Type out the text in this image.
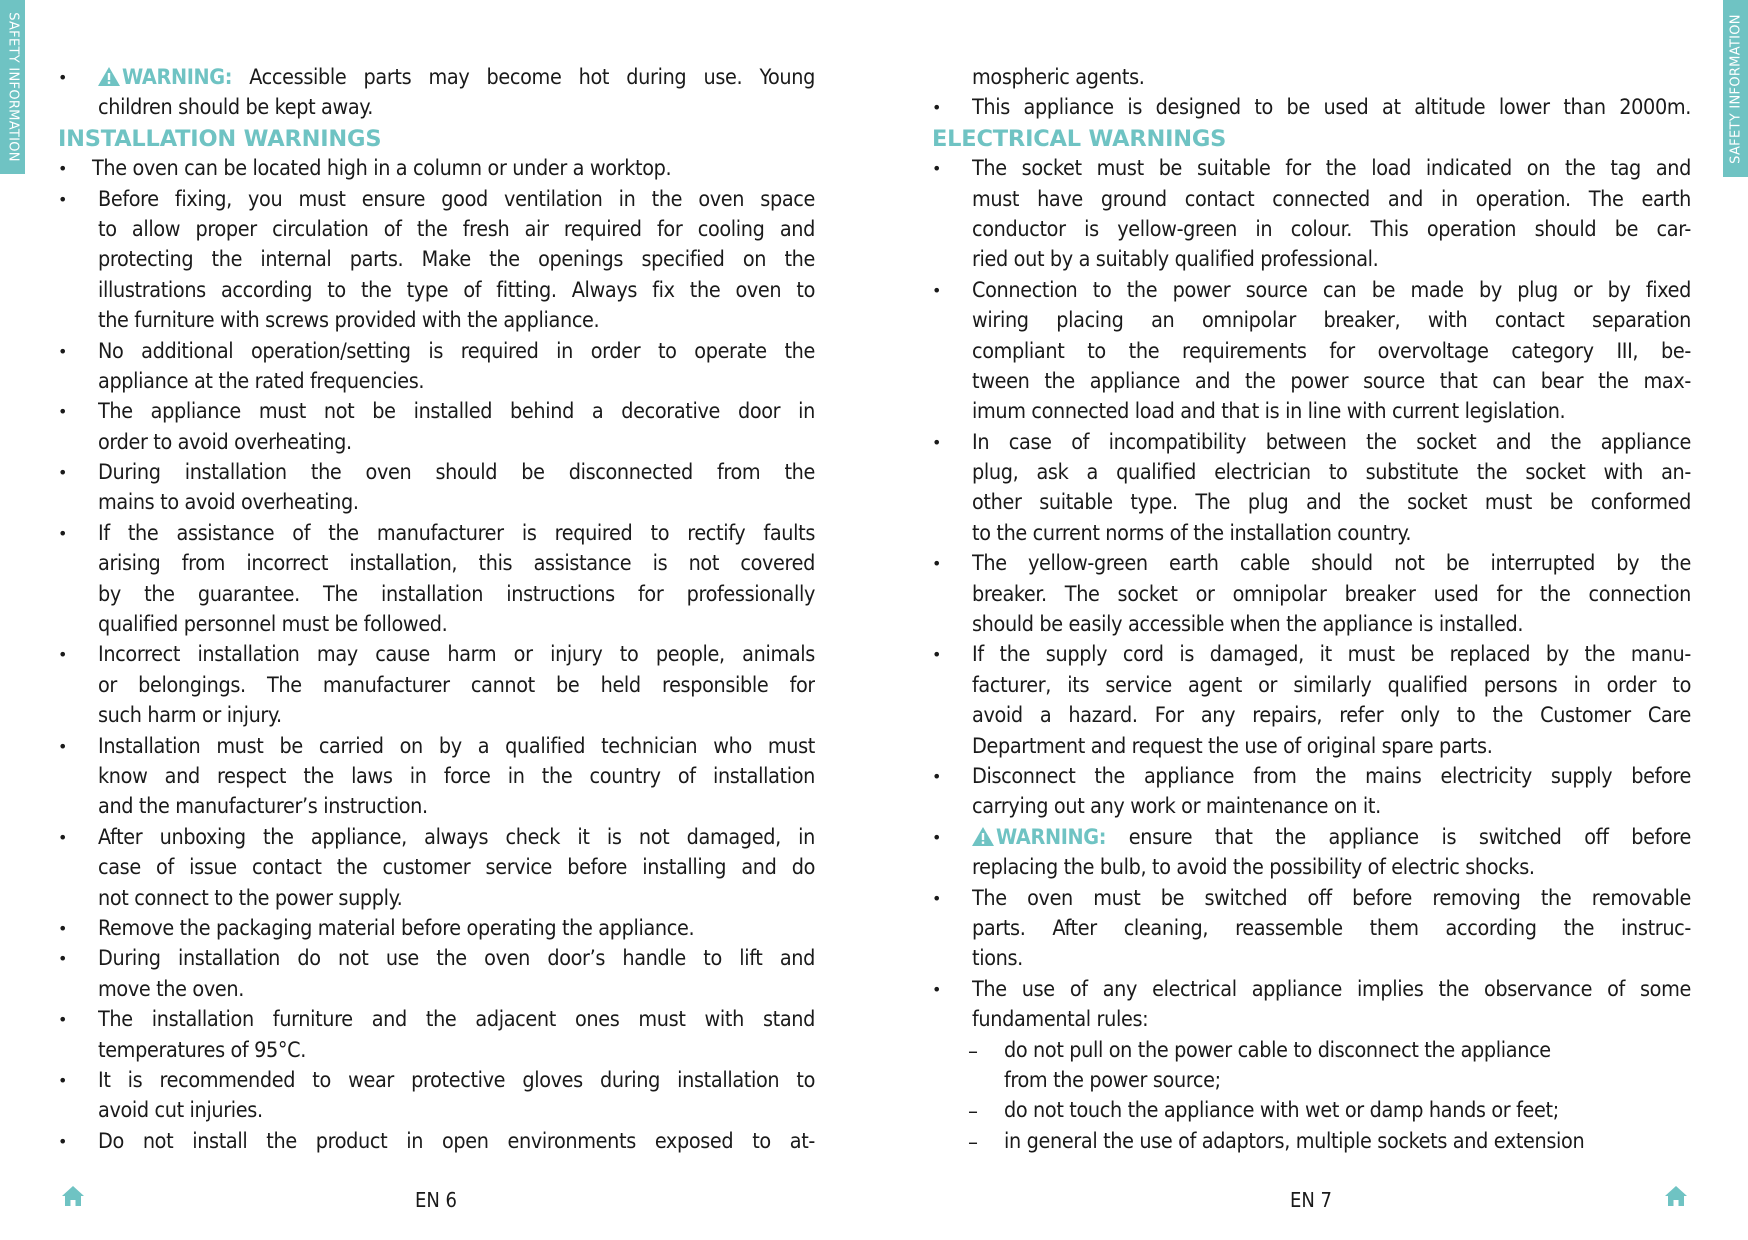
SAFETY INFORMATION	SAFETY INFORMATION
•	WARNING: Accessible parts may become hot during use. Young
children should be kept away.
INSTALLATION WARNINGS
•	The oven can be located high in a column or under a worktop.
•	Before fixing, you must ensure good ventilation in the oven space
to allow proper circulation of the fresh air required for cooling and
protecting the internal parts. Make the openings specified on the
illustrations according to the type of fitting. Always fix the oven to
the furniture with screws provided with the appliance.
•	No additional operation/setting is required in order to operate the
appliance at the rated frequencies.
•	The appliance must not be installed behind a decorative door in
order to avoid overheating.
•	During installation the oven should be disconnected from the
mains to avoid overheating.
•	If the assistance of the manufacturer is required to rectify faults
arising from incorrect installation, this assistance is not covered
by the guarantee. The installation instructions for professionally
qualified personnel must be followed.
•	Incorrect installation may cause harm or injury to people, animals
or belongings. The manufacturer cannot be held responsible for
such harm or injury.
•	Installation must be carried on by a qualified technician who must
know and respect the laws in force in the country of installation
and the manufacturer’s instruction.
•	After unboxing the appliance, always check it is not damaged, in
case of issue contact the customer service before installing and do
not connect to the power supply.
•	Remove the packaging material before operating the appliance.
•	During installation do not use the oven door’s handle to lift and
move the oven.
•	The installation furniture and the adjacent ones must with stand
temperatures of 95°C.
•	It is recommended to wear protective gloves during installation to
avoid cut injuries.
•	Do not install the product in open environments exposed to at-
mospheric agents.
•	This appliance is designed to be used at altitude lower than 2000m.
ELECTRICAL WARNINGS
•	The socket must be suitable for the load indicated on the tag and
must have ground contact connected and in operation. The earth
conductor is yellow-green in colour. This operation should be car-
ried out by a suitably qualified professional.
•	Connection to the power source can be made by plug or by fixed
wiring placing an omnipolar breaker, with contact separation
compliant to the requirements for overvoltage category III, be-
tween the appliance and the power source that can bear the max-
imum connected load and that is in line with current legislation.
•	In case of incompatibility between the socket and the appliance
plug, ask a qualified electrician to substitute the socket with an-
other suitable type. The plug and the socket must be conformed
to the current norms of the installation country.
•	The yellow-green earth cable should not be interrupted by the
breaker. The socket or omnipolar breaker used for the connection
should be easily accessible when the appliance is installed.
•	If the supply cord is damaged, it must be replaced by the manu-
facturer, its service agent or similarly qualified persons in order to
avoid a hazard. For any repairs, refer only to the Customer Care
Department and request the use of original spare parts.
•	Disconnect the appliance from the mains electricity supply before
carrying out any work or maintenance on it.
•	WARNING: ensure that the appliance is switched off before
replacing the bulb, to avoid the possibility of electric shocks.
•	The oven must be switched off before removing the removable
parts. After cleaning, reassemble them according the instruc-
tions.
•	The use of any electrical appliance implies the observance of some
fundamental rules:
– do not pull on the power cable to disconnect the appliance
from the power source;
– do not touch the appliance with wet or damp hands or feet;
– in general the use of adaptors, multiple sockets and extension
EN 6	EN 7
